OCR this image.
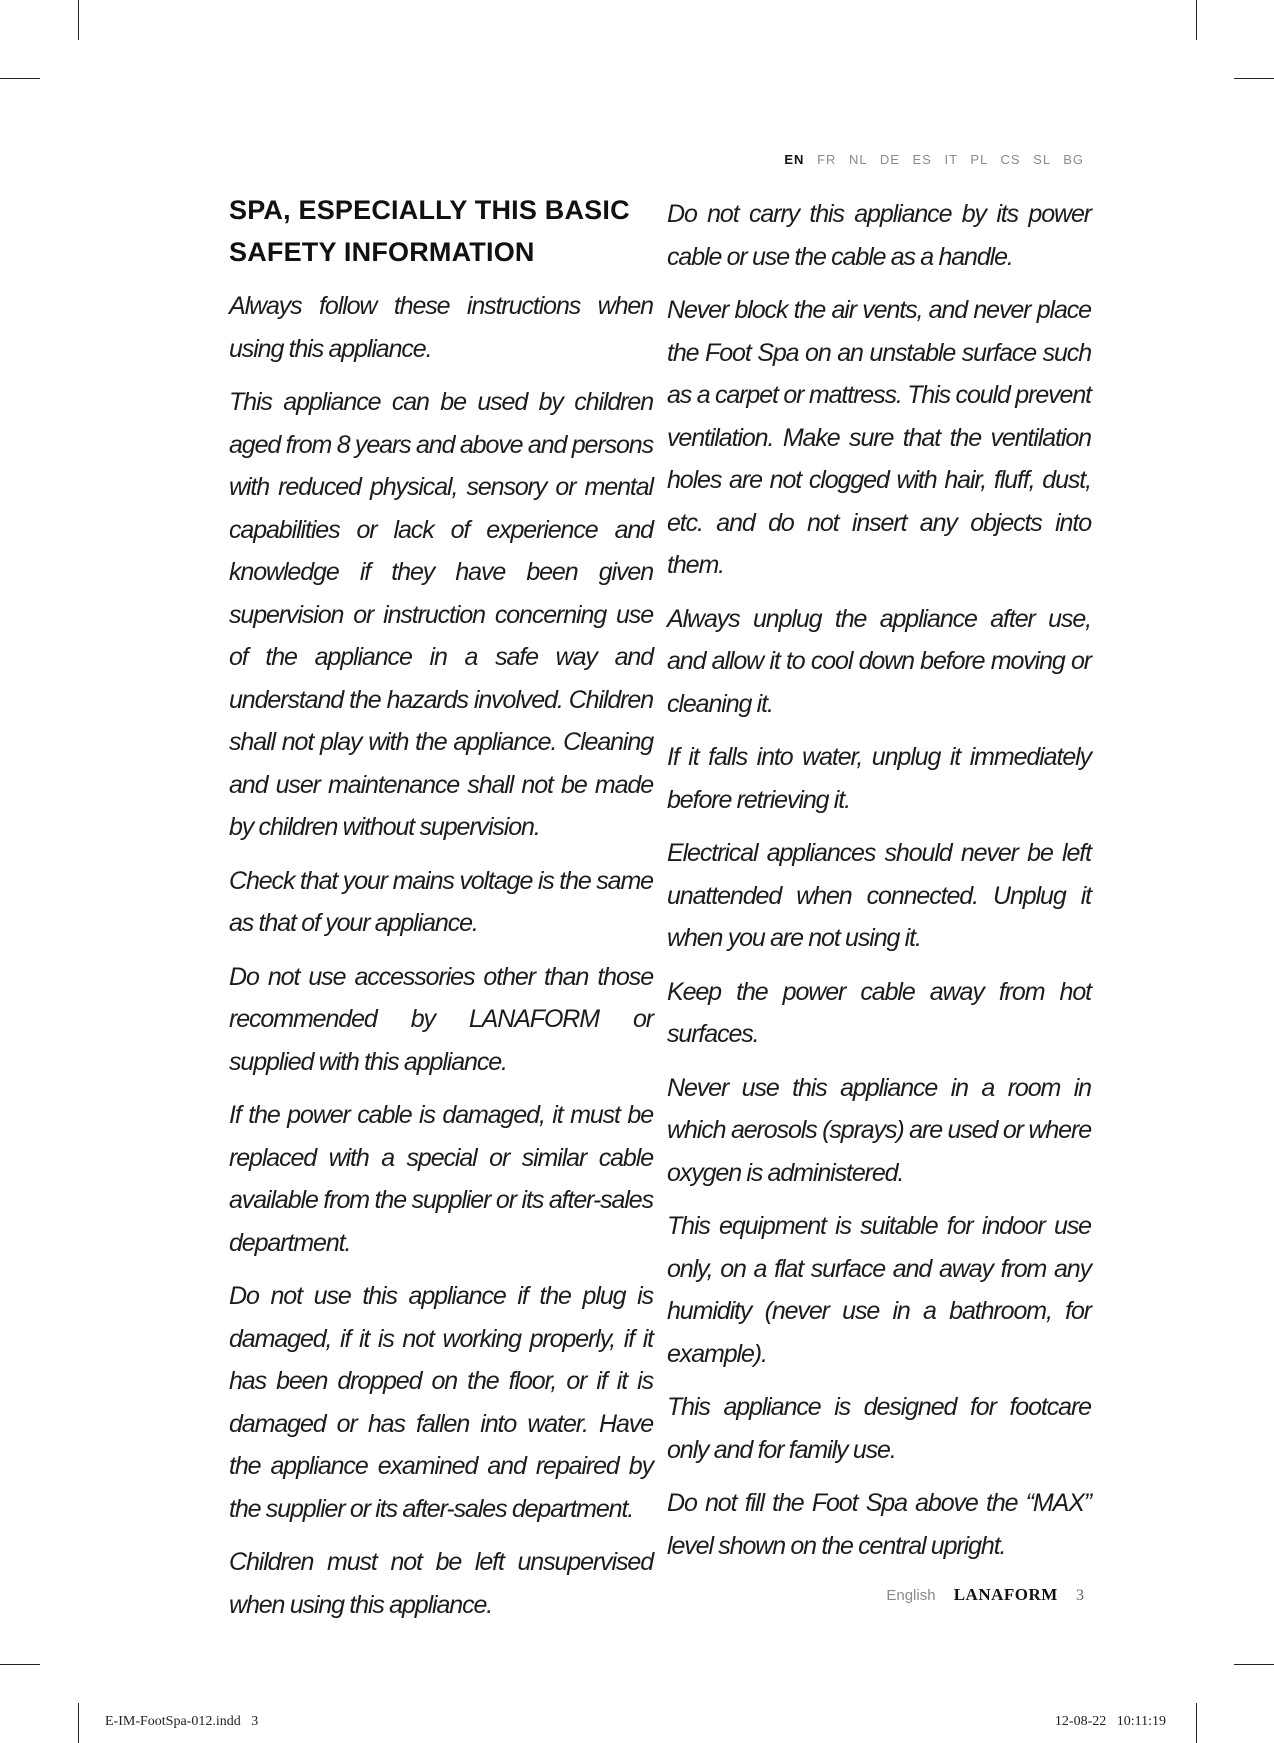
EN FR NL DE ES IT PL CS SL BG

SPA, ESPECIALLY THIS BASIC SAFETY INFORMATION

Always follow these instructions when using this appliance.

This appliance can be used by children aged from 8 years and above and persons with reduced physical, sensory or mental capabilities or lack of experience and knowledge if they have been given supervision or instruction concerning use of the appliance in a safe way and understand the hazards involved. Children shall not play with the appliance. Cleaning and user maintenance shall not be made by children without supervision.

Check that your mains voltage is the same as that of your appliance.

Do not use accessories other than those recommended by LANAFORM or supplied with this appliance.

If the power cable is damaged, it must be replaced with a special or similar cable available from the supplier or its after-sales department.

Do not use this appliance if the plug is damaged, if it is not working properly, if it has been dropped on the floor, or if it is damaged or has fallen into water. Have the appliance examined and repaired by the supplier or its after-sales department.

Children must not be left unsupervised when using this appliance.

Do not carry this appliance by its power cable or use the cable as a handle.

Never block the air vents, and never place the Foot Spa on an unstable surface such as a carpet or mattress. This could prevent ventilation. Make sure that the ventilation holes are not clogged with hair, fluff, dust, etc. and do not insert any objects into them.

Always unplug the appliance after use, and allow it to cool down before moving or cleaning it.

If it falls into water, unplug it immediately before retrieving it.

Electrical appliances should never be left unattended when connected. Unplug it when you are not using it.

Keep the power cable away from hot surfaces.

Never use this appliance in a room in which aerosols (sprays) are used or where oxygen is administered.

This equipment is suitable for indoor use only, on a flat surface and away from any humidity (never use in a bathroom, for example).

This appliance is designed for footcare only and for family use.

Do not fill the Foot Spa above the “MAX” level shown on the central upright.

English LANAFORM 3
E-IM-FootSpa-012.indd   3	12-08-22   10:11:19
